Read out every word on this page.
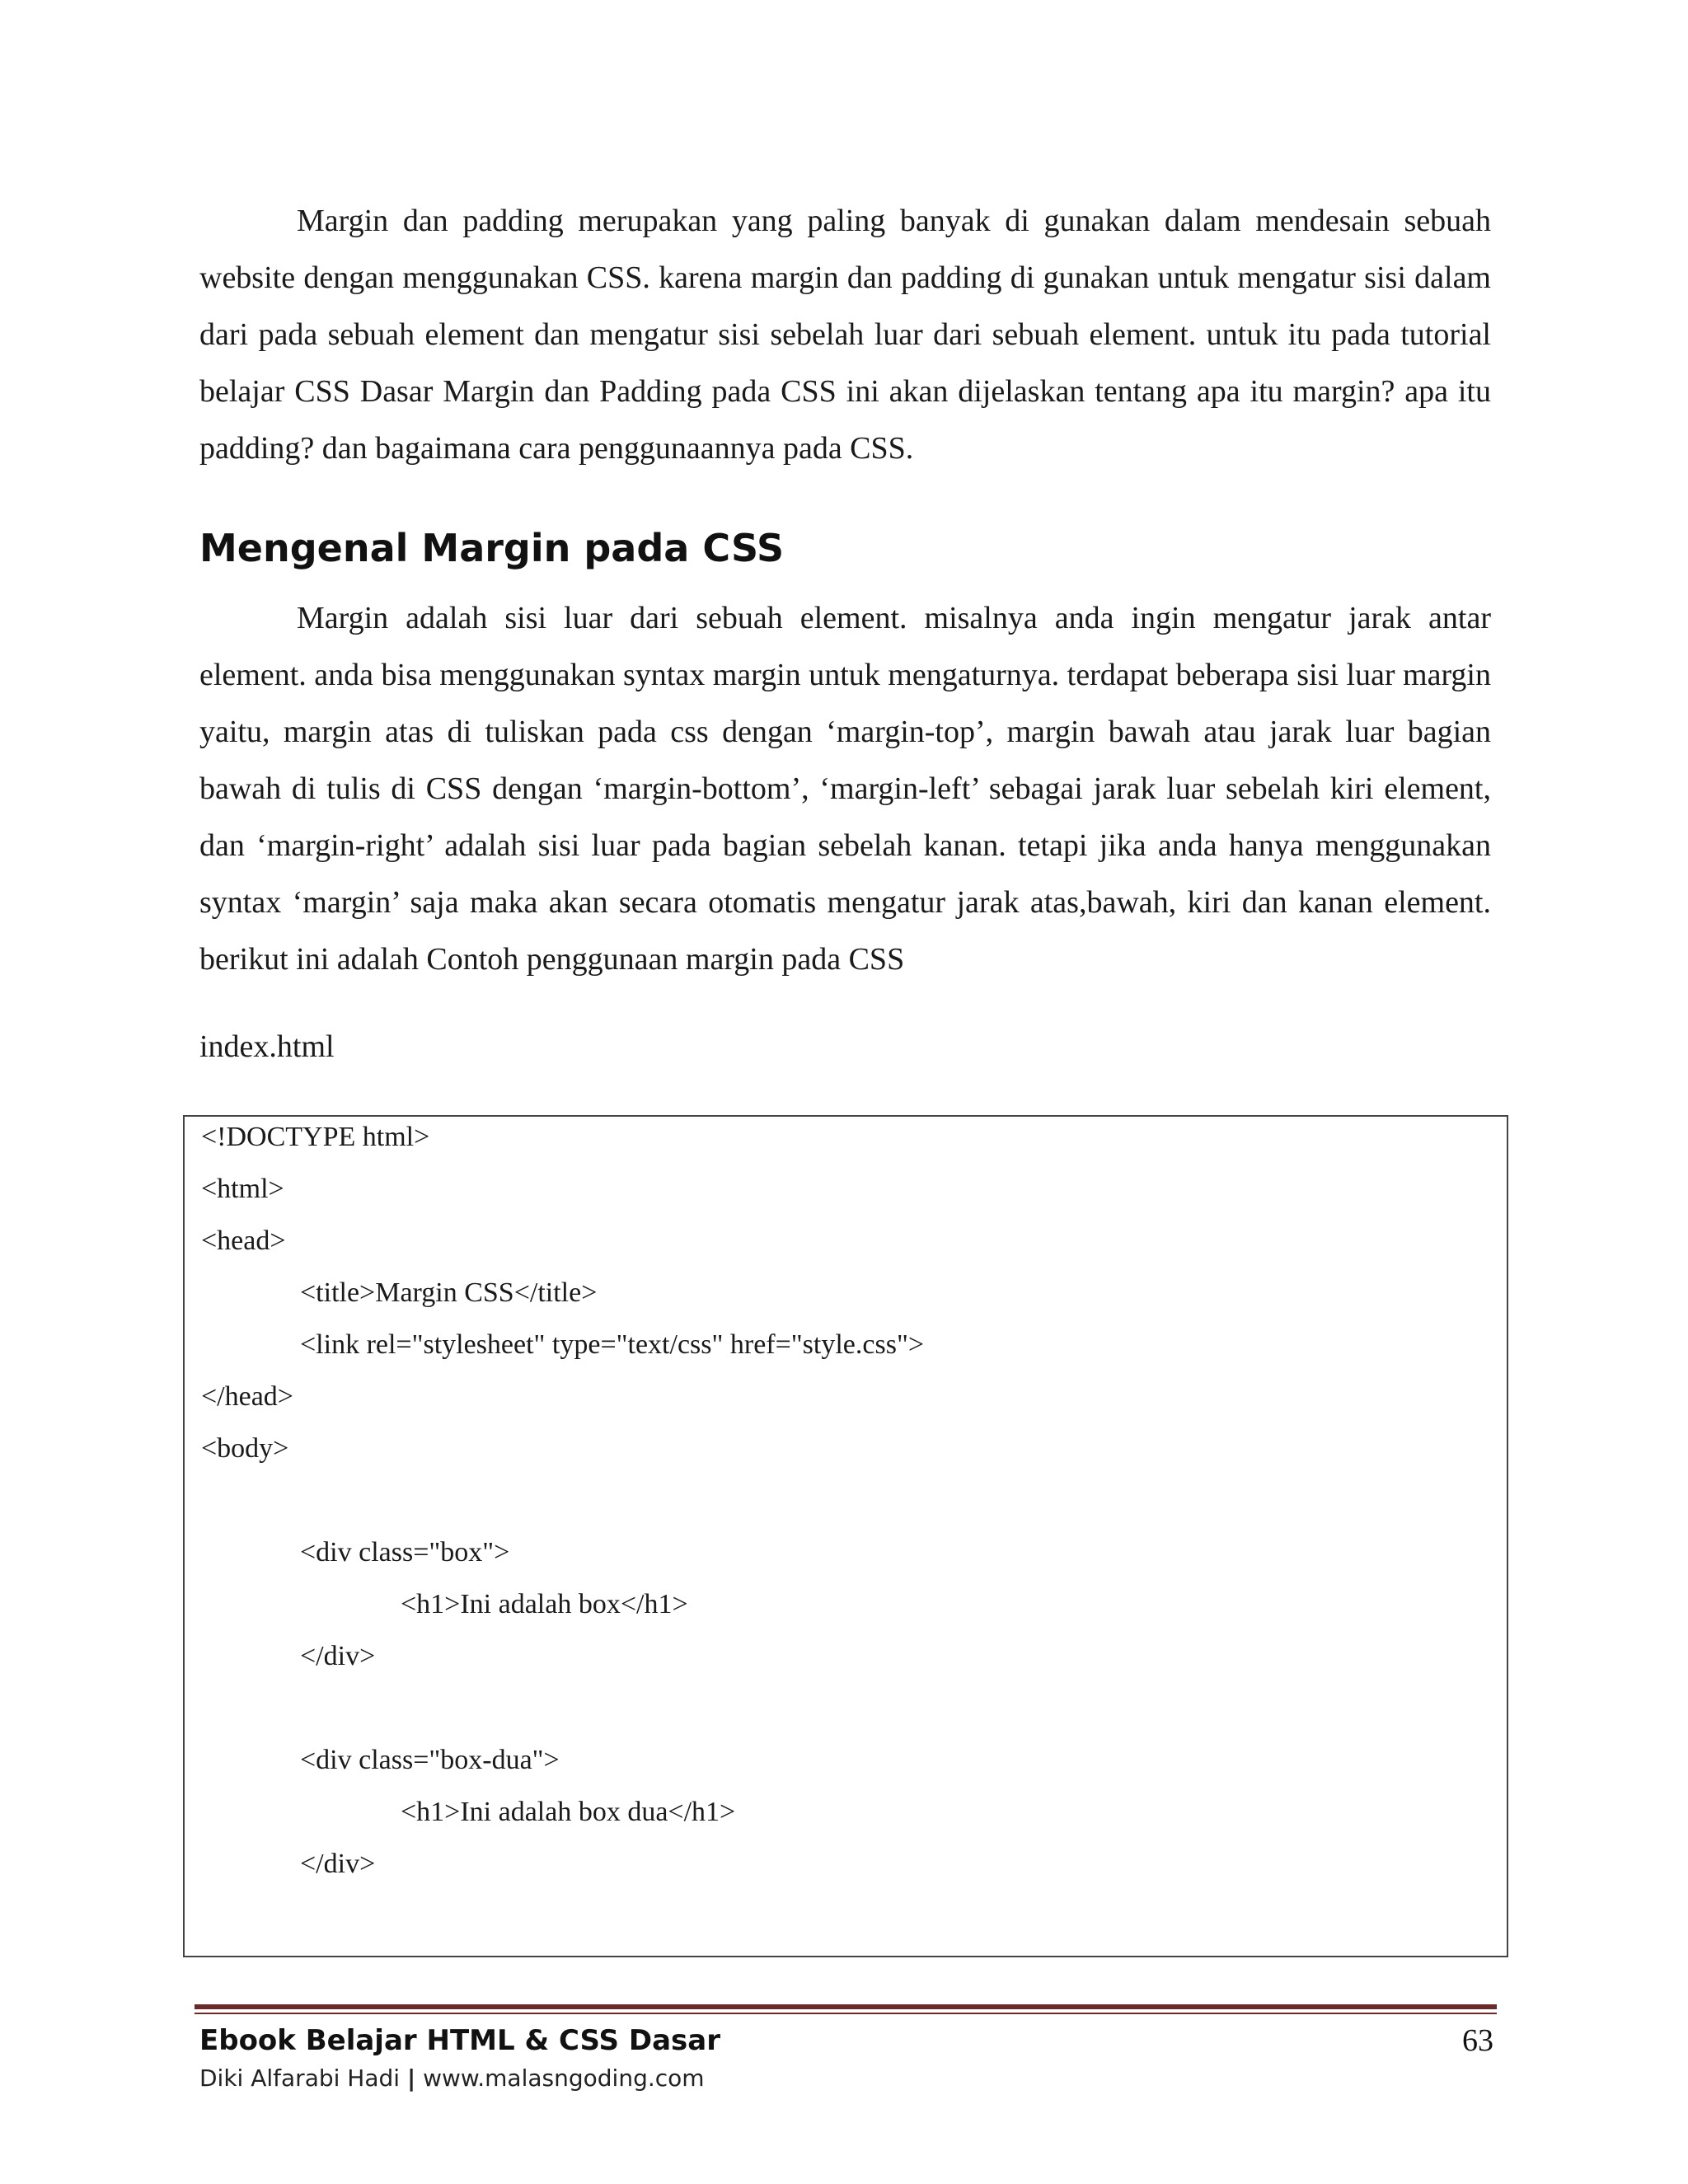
Margin dan padding merupakan yang paling banyak di gunakan dalam mendesain sebuah website dengan menggunakan CSS. karena margin dan padding di gunakan untuk mengatur sisi dalam dari pada sebuah element dan mengatur sisi sebelah luar dari sebuah element. untuk itu pada tutorial belajar CSS Dasar Margin dan Padding pada CSS ini akan dijelaskan tentang apa itu margin? apa itu padding? dan bagaimana cara penggunaannya pada CSS.

Mengenal Margin pada CSS

Margin adalah sisi luar dari sebuah element. misalnya anda ingin mengatur jarak antar element. anda bisa menggunakan syntax margin untuk mengaturnya. terdapat beberapa sisi luar margin yaitu, margin atas di tuliskan pada css dengan ‘margin-top’, margin bawah atau jarak luar bagian bawah di tulis di CSS dengan ‘margin-bottom’, ‘margin-left’ sebagai jarak luar sebelah kiri element, dan ‘margin-right’ adalah sisi luar pada bagian sebelah kanan. tetapi jika anda hanya menggunakan syntax ‘margin’ saja maka akan secara otomatis mengatur jarak atas,bawah, kiri dan kanan element. berikut ini adalah Contoh penggunaan margin pada CSS

index.html

<!DOCTYPE html>
<html>
<head>
<title>Margin CSS</title>
<link rel="stylesheet" type="text/css" href="style.css">
</head>
<body>
<div class="box">
<h1>Ini adalah box</h1>
</div>
<div class="box-dua">
<h1>Ini adalah box dua</h1>
</div>
Ebook Belajar HTML & CSS Dasar
Diki Alfarabi Hadi | www.malasngoding.com
63
